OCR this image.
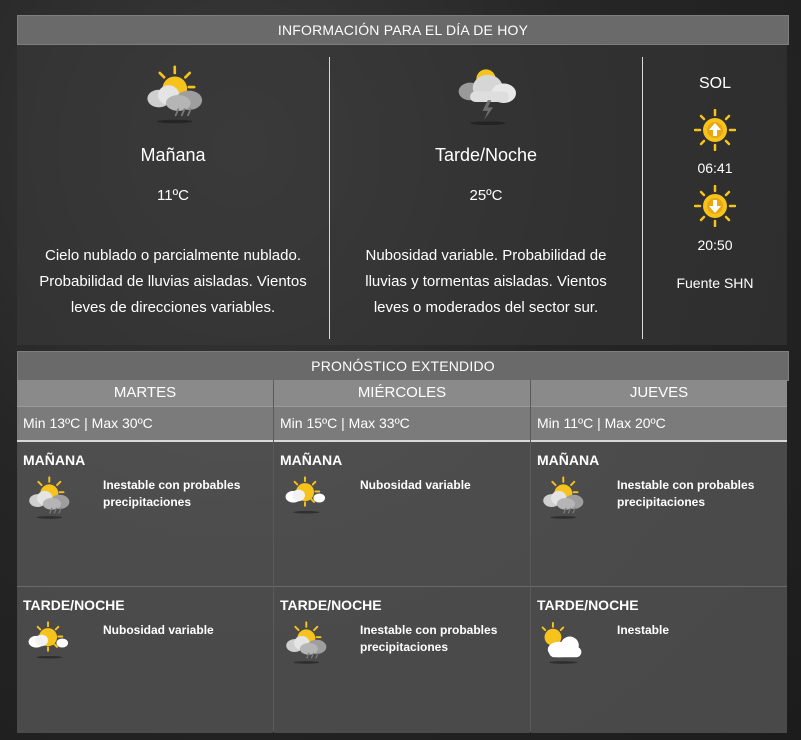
INFORMACIÓN PARA EL DÍA DE HOY
Mañana
11ºC
Cielo nublado o parcialmente nublado. Probabilidad de lluvias aisladas. Vientos leves de direcciones variables.
Tarde/Noche
25ºC
Nubosidad variable. Probabilidad de lluvias y tormentas aisladas. Vientos leves o moderados del sector sur.
SOL
06:41
20:50
Fuente SHN
PRONÓSTICO EXTENDIDO
MARTES
Min 13ºC | Max 30ºC
MAÑANA
Inestable con probables precipitaciones
TARDE/NOCHE
Nubosidad variable
MIÉRCOLES
Min 15ºC | Max 33ºC
MAÑANA
Nubosidad variable
TARDE/NOCHE
Inestable con probables precipitaciones
JUEVES
Min 11ºC | Max 20ºC
MAÑANA
Inestable con probables precipitaciones
TARDE/NOCHE
Inestable
